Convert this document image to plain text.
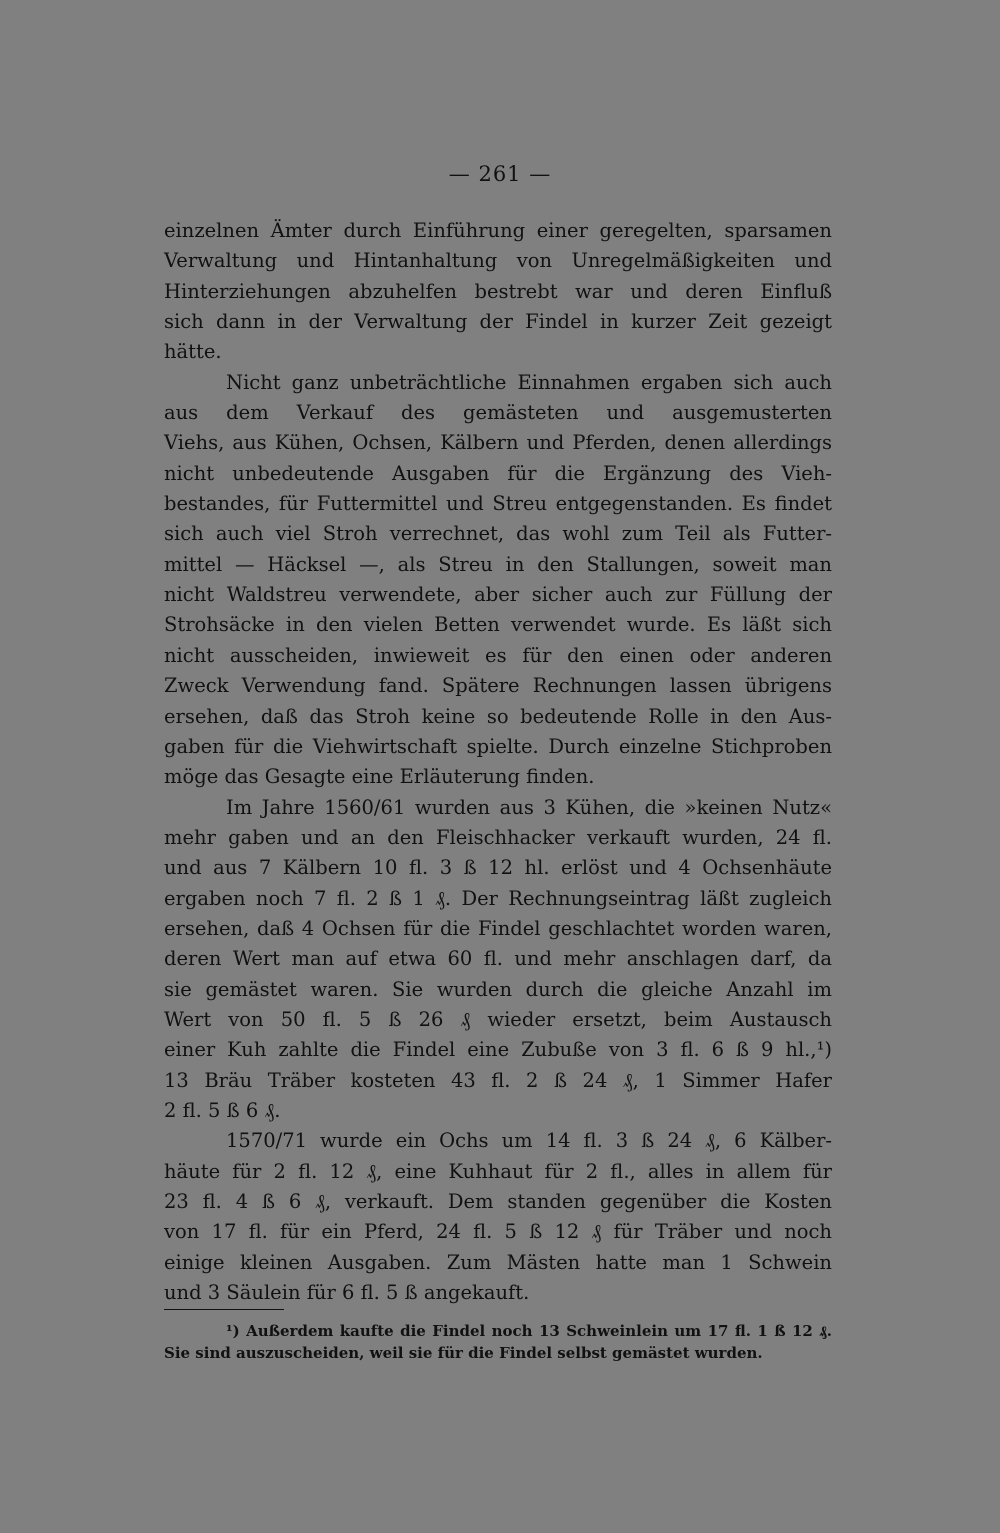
— 261 —
einzelnen Ämter durch Einführung einer geregelten, sparsamen
Verwaltung und Hintanhaltung von Unregelmäßigkeiten und
Hinterziehungen abzuhelfen bestrebt war und deren Einfluß
sich dann in der Verwaltung der Findel in kurzer Zeit gezeigt
hätte.
Nicht ganz unbeträchtliche Einnahmen ergaben sich auch
aus dem Verkauf des gemästeten und ausgemusterten
Viehs, aus Kühen, Ochsen, Kälbern und Pferden, denen allerdings
nicht unbedeutende Ausgaben für die Ergänzung des Vieh-
bestandes, für Futtermittel und Streu entgegenstanden. Es findet
sich auch viel Stroh verrechnet, das wohl zum Teil als Futter-
mittel — Häcksel —, als Streu in den Stallungen, soweit man
nicht Waldstreu verwendete, aber sicher auch zur Füllung der
Strohsäcke in den vielen Betten verwendet wurde. Es läßt sich
nicht ausscheiden, inwieweit es für den einen oder anderen
Zweck Verwendung fand. Spätere Rechnungen lassen übrigens
ersehen, daß das Stroh keine so bedeutende Rolle in den Aus-
gaben für die Viehwirtschaft spielte. Durch einzelne Stichproben
möge das Gesagte eine Erläuterung finden.
Im Jahre 1560/61 wurden aus 3 Kühen, die »keinen Nutz«
mehr gaben und an den Fleischhacker verkauft wurden, 24 fl.
und aus 7 Kälbern 10 fl. 3 ß 12 hl. erlöst und 4 Ochsenhäute
ergaben noch 7 fl. 2 ß 1 ₰. Der Rechnungseintrag läßt zugleich
ersehen, daß 4 Ochsen für die Findel geschlachtet worden waren,
deren Wert man auf etwa 60 fl. und mehr anschlagen darf, da
sie gemästet waren. Sie wurden durch die gleiche Anzahl im
Wert von 50 fl. 5 ß 26 ₰ wieder ersetzt, beim Austausch
einer Kuh zahlte die Findel eine Zubuße von 3 fl. 6 ß 9 hl.,¹)
13 Bräu Träber kosteten 43 fl. 2 ß 24 ₰, 1 Simmer Hafer
2 fl. 5 ß 6 ₰.
1570/71 wurde ein Ochs um 14 fl. 3 ß 24 ₰, 6 Kälber-
häute für 2 fl. 12 ₰, eine Kuhhaut für 2 fl., alles in allem für
23 fl. 4 ß 6 ₰, verkauft. Dem standen gegenüber die Kosten
von 17 fl. für ein Pferd, 24 fl. 5 ß 12 ₰ für Träber und noch
einige kleinen Ausgaben. Zum Mästen hatte man 1 Schwein
und 3 Säulein für 6 fl. 5 ß angekauft.
¹) Außerdem kaufte die Findel noch 13 Schweinlein um 17 fl. 1 ß 12 ₰.
Sie sind auszuscheiden, weil sie für die Findel selbst gemästet wurden.
